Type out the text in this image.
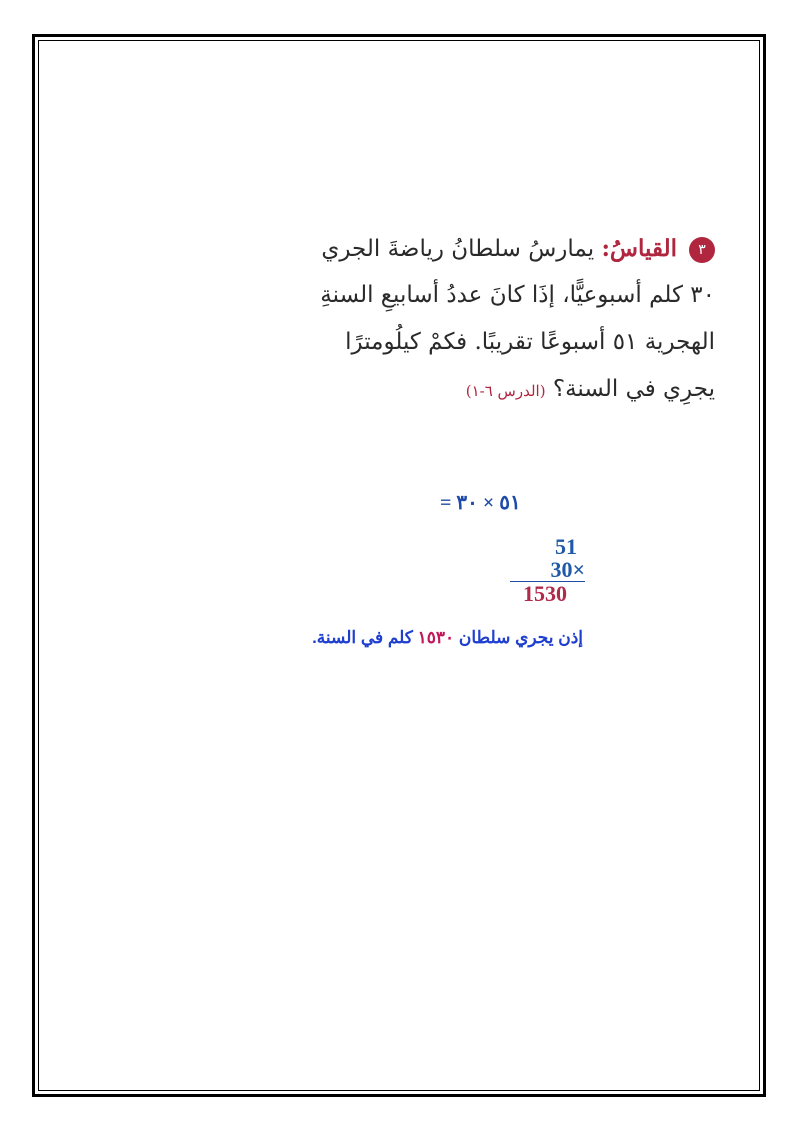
٣القياسُ: يمارسُ سلطانُ رياضةَ الجري
٣٠ كلم أسبوعيًّا، إذَا كانَ عددُ أسابيعِ السنةِ
الهجرية ٥١ أسبوعًا تقريبًا. فكمْ كيلُومترًا
يجرِي في السنة؟ (الدرس ٦-١)
٥١ × ٣٠ =
51
30×
1530
إذن يجري سلطان ١٥٣٠ كلم في السنة.
